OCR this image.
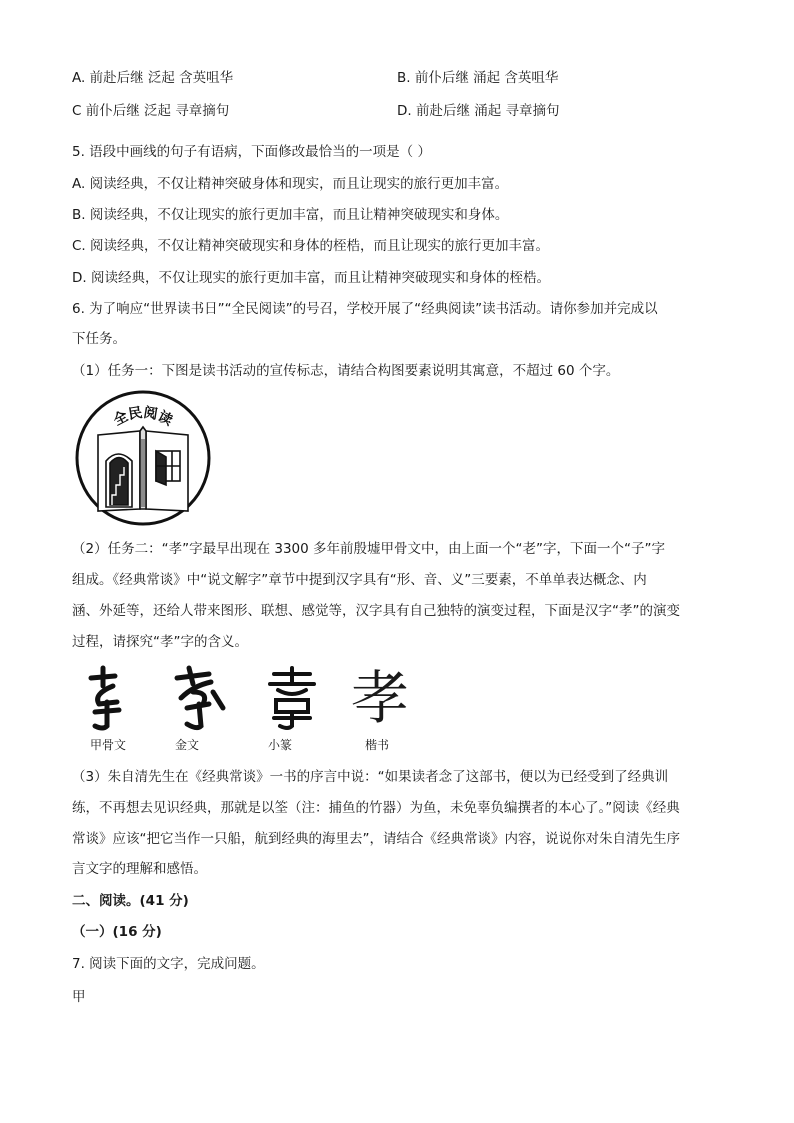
A. 前赴后继 泛起 含英咀华	B. 前仆后继 涌起 含英咀华
C 前仆后继 泛起 寻章摘句	D. 前赴后继 涌起 寻章摘句
5. 语段中画线的句子有语病，下面修改最恰当的一项是（ ）
A. 阅读经典，不仅让精神突破身体和现实，而且让现实的旅行更加丰富。
B. 阅读经典，不仅让现实的旅行更加丰富，而且让精神突破现实和身体。
C. 阅读经典，不仅让精神突破现实和身体的桎梏，而且让现实的旅行更加丰富。
D. 阅读经典，不仅让现实的旅行更加丰富，而且让精神突破现实和身体的桎梏。
6. 为了响应“世界读书日”“全民阅读”的号召，学校开展了“经典阅读”读书活动。请你参加并完成以
下任务。
（1）任务一：下图是读书活动的宣传标志，请结合构图要素说明其寓意，不超过 60 个字。
全民阅读
（2）任务二：“孝”字最早出现在 3300 多年前殷墟甲骨文中，由上面一个“老”字，下面一个“子”字
组成。《经典常谈》中“说文解字”章节中提到汉字具有“形、音、义”三要素，不单单表达概念、内
涵、外延等，还给人带来图形、联想、感觉等，汉字具有自己独特的演变过程，下面是汉字“孝”的演变
过程，请探究“孝”字的含义。
孝
甲骨文	金文	小篆	楷书
（3）朱自清先生在《经典常谈》一书的序言中说：“如果读者念了这部书，便以为已经受到了经典训
练，不再想去见识经典，那就是以筌（注：捕鱼的竹器）为鱼，未免辜负编撰者的本心了。”阅读《经典
常谈》应该“把它当作一只船，航到经典的海里去”，请结合《经典常谈》内容，说说你对朱自清先生序
言文字的理解和感悟。
二、阅读。(41 分)
（一）(16 分)
7. 阅读下面的文字，完成问题。
甲
